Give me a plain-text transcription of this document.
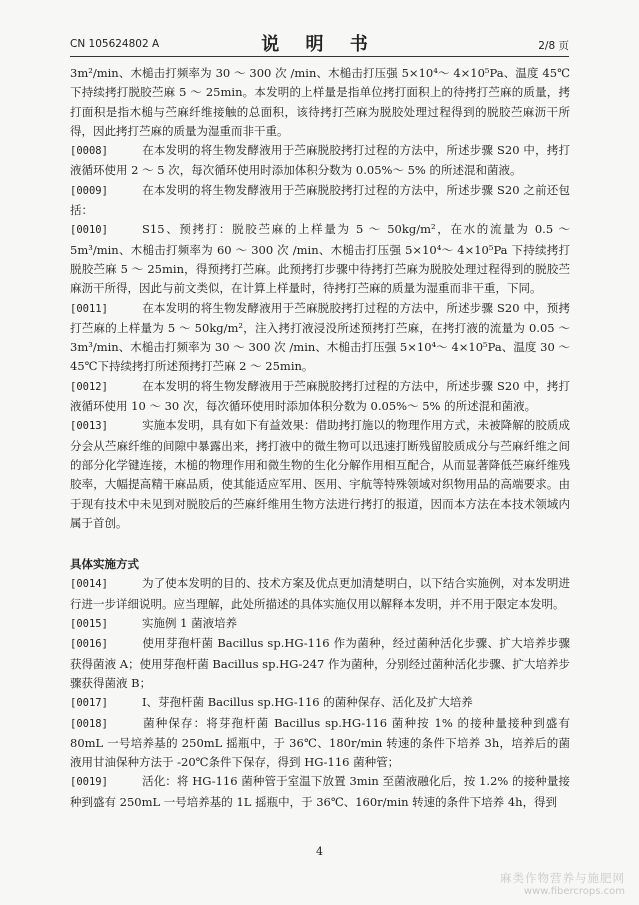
CN 105624802 A	说 明 书	2/8 页

3m²/min、木槌击打频率为 30 ～ 300 次 /min、木槌击打压强 5×10⁴～ 4×10⁵Pa、温度 45℃下持续拷打脱胶苎麻 5 ～ 25min。本发明的上样量是指单位拷打面积上的待拷打苎麻的质量，拷打面积是指木槌与苎麻纤维接触的总面积，该待拷打苎麻为脱胶处理过程得到的脱胶苎麻沥干所得，因此拷打苎麻的质量为湿重而非干重。

[0008]	在本发明的将生物发酵液用于苎麻脱胶拷打过程的方法中，所述步骤 S20 中，拷打液循环使用 2 ～ 5 次，每次循环使用时添加体积分数为 0.05%～ 5% 的所述混和菌液。

[0009]	在本发明的将生物发酵液用于苎麻脱胶拷打过程的方法中，所述步骤 S20 之前还包括：

[0010]	S15、预拷打：脱胶苎麻的上样量为 5 ～ 50kg/m²，在水的流量为 0.5 ～ 5m³/min、木槌击打频率为 60 ～ 300 次 /min、木槌击打压强 5×10⁴～ 4×10⁵Pa 下持续拷打脱胶苎麻 5 ～ 25min，得预拷打苎麻。此预拷打步骤中待拷打苎麻为脱胶处理过程得到的脱胶苎麻沥干所得，因此与前文类似，在计算上样量时，待拷打苎麻的质量为湿重而非干重，下同。

[0011]	在本发明的将生物发酵液用于苎麻脱胶拷打过程的方法中，所述步骤 S20 中，预拷打苎麻的上样量为 5 ～ 50kg/m²，注入拷打液浸没所述预拷打苎麻，在拷打液的流量为 0.05 ～ 3m³/min、木槌击打频率为 30 ～ 300 次 /min、木槌击打压强 5×10⁴～ 4×10⁵Pa、温度 30 ～ 45℃下持续拷打所述预拷打苎麻 2 ～ 25min。

[0012]	在本发明的将生物发酵液用于苎麻脱胶拷打过程的方法中，所述步骤 S20 中，拷打液循环使用 10 ～ 30 次，每次循环使用时添加体积分数为 0.05%～ 5% 的所述混和菌液。

[0013]	实施本发明，具有如下有益效果：借助拷打施以的物理作用方式，未被降解的胶质成分会从苎麻纤维的间隙中暴露出来，拷打液中的微生物可以迅速打断残留胶质成分与苎麻纤维之间的部分化学键连接，木槌的物理作用和微生物的生化分解作用相互配合，从而显著降低苎麻纤维残胶率，大幅提高精干麻品质，使其能适应军用、医用、宇航等特殊领域对织物用品的高端要求。由于现有技术中未见到对脱胶后的苎麻纤维用生物方法进行拷打的报道，因而本方法在本技术领域内属于首创。

具体实施方式

[0014]	为了使本发明的目的、技术方案及优点更加清楚明白，以下结合实施例，对本发明进行进一步详细说明。应当理解，此处所描述的具体实施仅用以解释本发明，并不用于限定本发明。

[0015]	实施例 1 菌液培养

[0016]	使用芽孢杆菌 Bacillus sp.HG-116 作为菌种，经过菌种活化步骤、扩大培养步骤获得菌液 A；使用芽孢杆菌 Bacillus sp.HG-247 作为菌种，分别经过菌种活化步骤、扩大培养步骤获得菌液 B；

[0017]	Ⅰ、芽孢杆菌 Bacillus sp.HG-116 的菌种保存、活化及扩大培养

[0018]	菌种保存：将芽孢杆菌 Bacillus sp.HG-116 菌种按 1% 的接种量接种到盛有 80mL 一号培养基的 250mL 摇瓶中，于 36℃、180r/min 转速的条件下培养 3h，培养后的菌液用甘油保种方法于 -20℃条件下保存，得到 HG-116 菌种管；

[0019]	活化：将 HG-116 菌种管于室温下放置 3min 至菌液融化后，按 1.2% 的接种量接种到盛有 250mL 一号培养基的 1L 摇瓶中，于 36℃、160r/min 转速的条件下培养 4h，得到

4
麻类作物营养与施肥网
www.fibercrops.com
